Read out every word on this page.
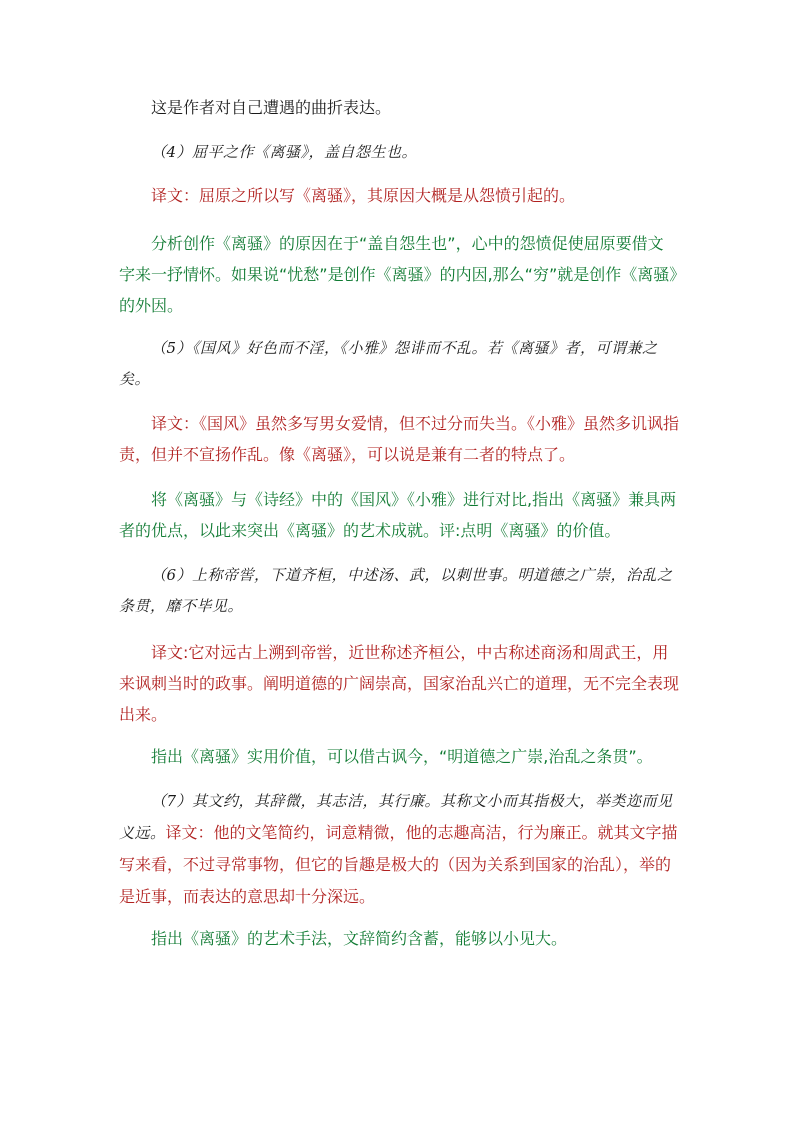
这是作者对自己遭遇的曲折表达。

（4）屈平之作《离骚》，盖自怨生也。

译文：屈原之所以写《离骚》，其原因大概是从怨愤引起的。

分析创作《离骚》的原因在于“盖自怨生也”，心中的怨愤促使屈原要借文字来一抒情怀。如果说“忧愁”是创作《离骚》的内因,那么“穷”就是创作《离骚》的外因。

（5）《国风》好色而不淫，《小雅》怨诽而不乱。若《离骚》者，可谓兼之矣。

译文：《国风》虽然多写男女爱情，但不过分而失当。《小雅》虽然多讥讽指责，但并不宣扬作乱。像《离骚》，可以说是兼有二者的特点了。

将《离骚》与《诗经》中的《国风》《小雅》进行对比,指出《离骚》兼具两者的优点，以此来突出《离骚》的艺术成就。评:点明《离骚》的价值。

（6）上称帝喾，下道齐桓，中述汤、武，以刺世事。明道德之广崇，治乱之条贯，靡不毕见。

译文:它对远古上溯到帝喾，近世称述齐桓公，中古称述商汤和周武王，用来讽刺当时的政事。阐明道德的广阔崇高，国家治乱兴亡的道理，无不完全表现出来。

指出《离骚》实用价值，可以借古讽今，“明道德之广崇,治乱之条贯”。

（7）其文约，其辞微，其志洁，其行廉。其称文小而其指极大，举类迩而见义远。译文：他的文笔简约，词意精微，他的志趣高洁，行为廉正。就其文字描写来看，不过寻常事物，但它的旨趣是极大的（因为关系到国家的治乱），举的是近事，而表达的意思却十分深远。

指出《离骚》的艺术手法，文辞简约含蓄，能够以小见大。
